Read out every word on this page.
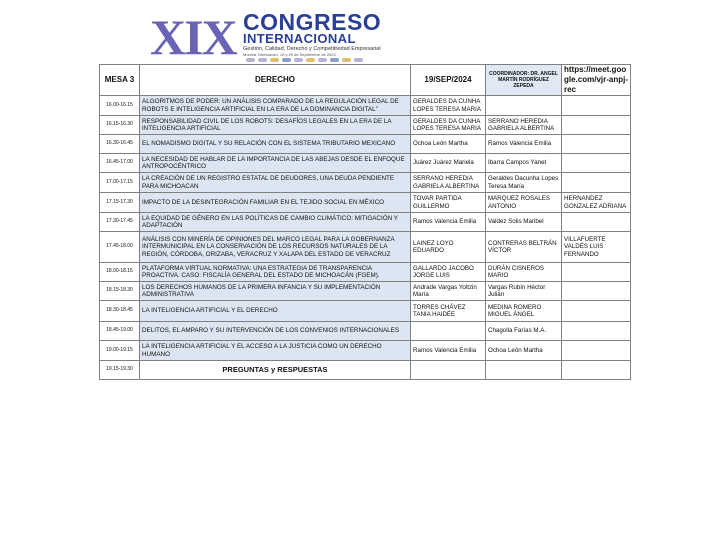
XIX CONGRESO
INTERNACIONAL
Gestión, Calidad, Derecho y Competitividad Empresarial
Morelia, Michoacán, 19 y 20 de Septiembre de 2024
MESA 3	DERECHO	19/SEP/2024	COORDINADOR: DR. ANGEL MARTÍN RODRÍGUEZ ZEPEDA	https://meet.google.com/vjr-anpj-rec
16.00-16.15	ALGORITMOS DE PODER: UN ANÁLISIS COMPARADO DE LA REGULACIÓN LEGAL DE ROBOTS E INTELIGENCIA ARTIFICIAL EN LA ERA DE LA DOMINANCIA DIGITAL"	GERALDES DA CUNHA LOPES TERESA MARIA		
16.15-16.30	RESPONSABILIDAD CIVIL DE LOS ROBOTS: DESAFÍOS LEGALES EN LA ERA DE LA INTELIGENCIA ARTIFICIAL	GERALDES DA CUNHA LOPES TERESA MARIA	SERRANO HEREDIA GABRIELA ALBERTINA	
16.30-16.45	EL NOMADISMO DIGITAL Y SU RELACIÓN CON EL SISTEMA TRIBUTARIO MEXICANO	Ochoa León Martha	Ramos Valencia Emilia	
16.45-17.00	LA NECESIDAD DE HABLAR DE LA IMPORTANCIA DE LAS ABEJAS DESDE EL ENFOQUE ANTROPOCÉNTRICO	Juárez Juárez Mariela	Ibarra Campos Yanet	
17.00-17.15	LA CREACIÓN DE UN REGISTRO ESTATAL DE DEUDORES, UNA DEUDA PENDIENTE PARA MICHOACAN	SERRANO HEREDIA GABRIELA ALBERTINA	Geraldes Dacunha Lopes Teresa María	
17.15-17.30	IMPACTO DE LA DESINTEGRACIÓN FAMILIAR EN EL TEJIDO SOCIAL EN MÉXICO	TOVAR PARTIDA GUILLERMO	MARQUEZ ROSALES ANTONIO	HERNANDEZ GONZALEZ ADRIANA
17.30-17.45	LA EQUIDAD DE GÉNERO EN LAS POLÍTICAS DE CAMBIO CLIMÁTICO: MITIGACIÓN Y ADAPTACIÓN	Ramos Valencia Emilia	Valdez Solis Maribel	
17.45-18.00	ANÁLISIS CON MINERÍA DE OPINIONES DEL MARCO LEGAL PARA LA GOBERNANZA INTERMUNICIPAL EN LA CONSERVACIÓN DE LOS RECURSOS NATURALES DE LA REGIÓN, CÓRDOBA, ORIZABA, VERACRUZ Y XALAPA DEL ESTADO DE VERACRUZ	LAINEZ LOYO EDUARDO	CONTRERAS BELTRÁN VÍCTOR	VILLAFUERTE VALDÉS LUIS FERNANDO
18.00-18.15	PLATAFORMA VIRTUAL NORMATIVA: UNA ESTRATEGIA DE TRANSPARENCIA PROACTIVA. CASO: FISCALÍA GENERAL DEL ESTADO DE MICHOACÁN (FGEM).	GALLARDO JACOBO JORGE LUIS	DURÁN CISNEROS MARIO	
18.15-18.30	LOS DERECHOS HUMANOS DE LA PRIMERA INFANCIA Y SU IMPLEMENTACIÓN ADMINISTRATIVA	Andrade Vargas Yoltzin María	Vargas Rubín Héctor Julián	
18.30-18.45	LA INTELIGENCIA ARTIFICIAL Y EL DERECHO	TORRES CHÁVEZ TANIA HAIDÉE	MEDINA ROMERO MIGUEL ÁNGEL	
18.45-19.00	DELITOS, EL AMPARO Y SU INTERVENCIÓN DE LOS CONVENIOS INTERNACIONALES		Chagolla Farías M.A.	
19.00-19.15	LA INTELIGENCIA ARTIFICIAL Y EL ACCESO A LA JUSTICIA COMO UN DERECHO HUMANO	Ramos Valencia Emilia	Ochoa León Martha	
19.15-19.30	PREGUNTAS y RESPUESTAS			
